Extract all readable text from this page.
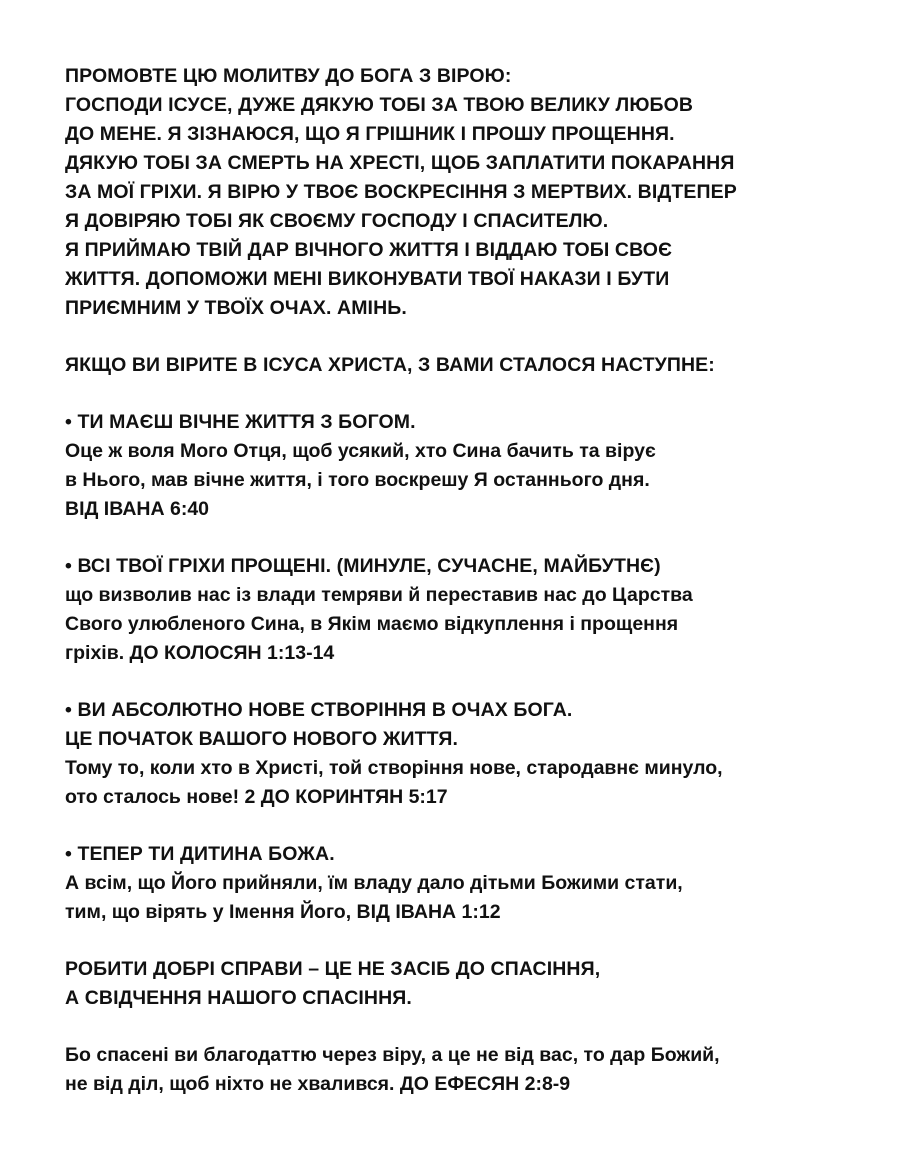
ПРОМОВТЕ ЦЮ МОЛИТВУ ДО БОГА З ВІРОЮ:
ГОСПОДИ ІСУСЕ, ДУЖЕ ДЯКУЮ ТОБІ ЗА ТВОЮ ВЕЛИКУ ЛЮБОВ
ДО МЕНЕ. Я ЗІЗНАЮСЯ, ЩО Я ГРІШНИК І ПРОШУ ПРОЩЕННЯ.
ДЯКУЮ ТОБІ ЗА СМЕРТЬ НА ХРЕСТІ, ЩОБ ЗАПЛАТИТИ ПОКАРАННЯ
ЗА МОЇ ГРІХИ. Я ВІРЮ У ТВОЄ ВОСКРЕСІННЯ З МЕРТВИХ. ВІДТЕПЕР
Я ДОВІРЯЮ ТОБІ ЯК СВОЄМУ ГОСПОДУ І СПАСИТЕЛЮ.
Я ПРИЙМАЮ ТВІЙ ДАР ВІЧНОГО ЖИТТЯ І ВІДДАЮ ТОБІ СВОЄ
ЖИТТЯ. ДОПОМОЖИ МЕНІ ВИКОНУВАТИ ТВОЇ НАКАЗИ І БУТИ
ПРИЄМНИМ У ТВОЇХ ОЧАХ. АМІНЬ.
ЯКЩО ВИ ВІРИТЕ В ІСУСА ХРИСТА, З ВАМИ СТАЛОСЯ НАСТУПНЕ:
• ТИ МАЄШ ВІЧНЕ ЖИТТЯ З БОГОМ.
Оце ж воля Мого Отця, щоб усякий, хто Сина бачить та вірує
в Нього, мав вічне життя, і того воскрешу Я останнього дня.
ВІД ІВАНА 6:40
• ВСІ ТВОЇ ГРІХИ ПРОЩЕНІ. (МИНУЛЕ, СУЧАСНЕ, МАЙБУТНЄ)
що визволив нас із влади темряви й переставив нас до Царства
Свого улюбленого Сина, в Якім маємо відкуплення і прощення
гріхів. ДО КОЛОСЯН 1:13-14
• ВИ АБСОЛЮТНО НОВЕ СТВОРІННЯ В ОЧАХ БОГА.
ЦЕ ПОЧАТОК ВАШОГО НОВОГО ЖИТТЯ.
Тому то, коли хто в Христі, той створіння нове, стародавнє минуло,
ото сталось нове! 2 ДО КОРИНТЯН 5:17
• ТЕПЕР ТИ ДИТИНА БОЖА.
А всім, що Його прийняли, їм владу дало дітьми Божими стати,
тим, що вірять у Імення Його, ВІД ІВАНА 1:12
РОБИТИ ДОБРІ СПРАВИ – ЦЕ НЕ ЗАСІБ ДО СПАСІННЯ,
А СВІДЧЕННЯ НАШОГО СПАСІННЯ.
Бо спасені ви благодаттю через віру, а це не від вас, то дар Божий,
не від діл, щоб ніхто не хвалився. ДО ЕФЕСЯН 2:8-9
